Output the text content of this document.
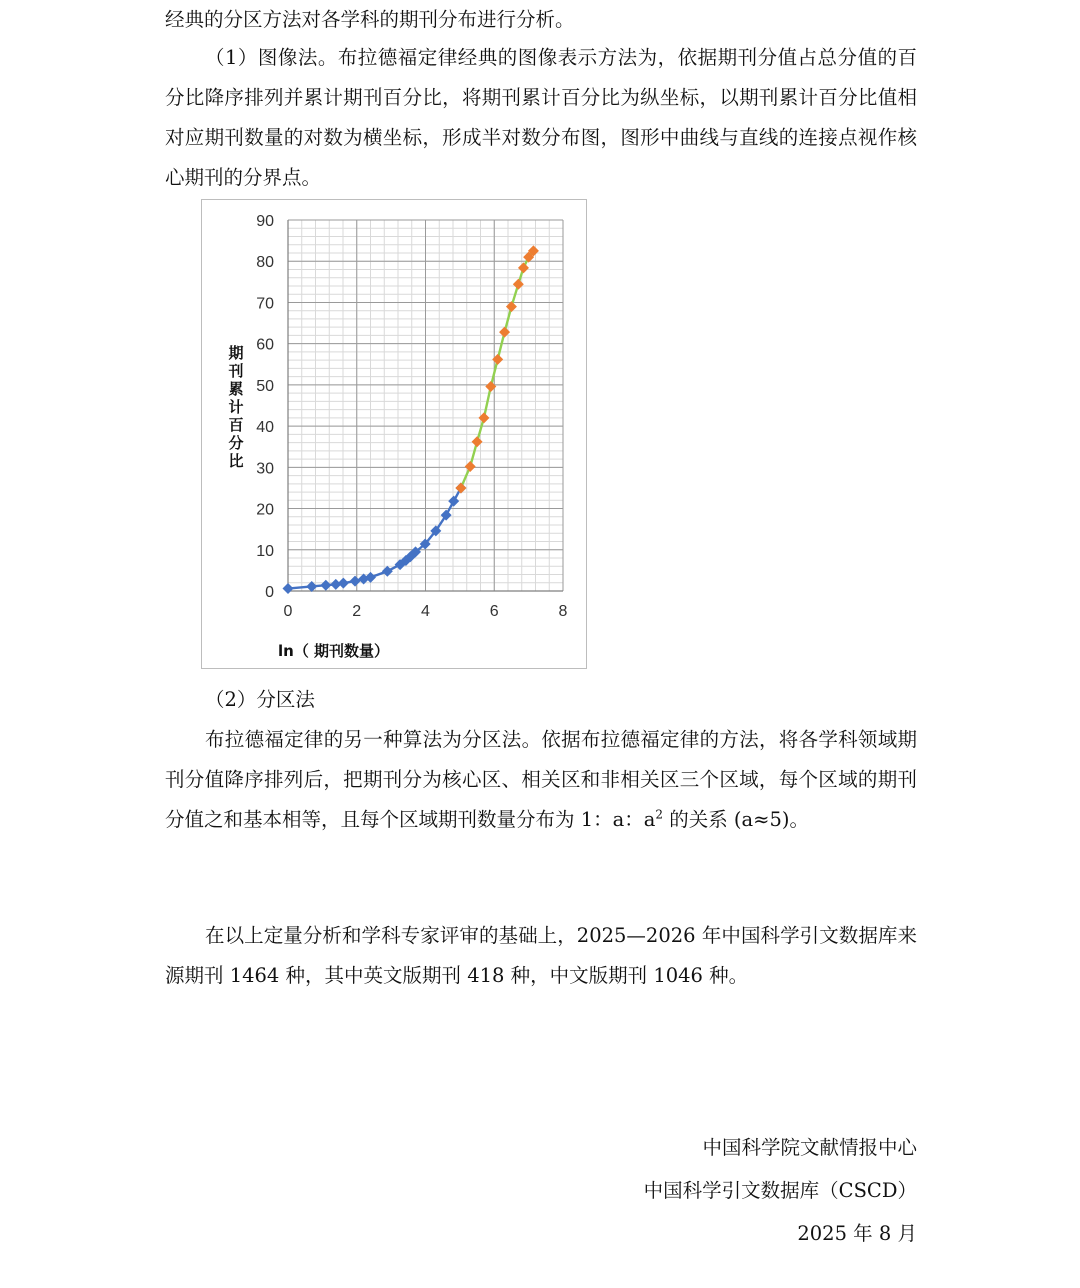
经典的分区方法对各学科的期刊分布进行分析。

（1）图像法。布拉德福定律经典的图像表示方法为，依据期刊分值占总分值的百分比降序排列并累计期刊百分比，将期刊累计百分比为纵坐标，以期刊累计百分比值相对应期刊数量的对数为横坐标，形成半对数分布图，图形中曲线与直线的连接点视作核心期刊的分界点。

0
10
20
30
40
50
60
70
80
90
0	2	4	6	8
期刊累计百分比
ln（ 期刊数量）

（2）分区法

布拉德福定律的另一种算法为分区法。依据布拉德福定律的方法，将各学科领域期刊分值降序排列后，把期刊分为核心区、相关区和非相关区三个区域，每个区域的期刊分值之和基本相等，且每个区域期刊数量分布为 1：a：$a^2$ 的关系 (a≈5)。

在以上定量分析和学科专家评审的基础上，2025—2026 年中国科学引文数据库来源期刊 1464 种，其中英文版期刊 418 种，中文版期刊 1046 种。

中国科学院文献情报中心
中国科学引文数据库（CSCD）
2025 年 8 月
